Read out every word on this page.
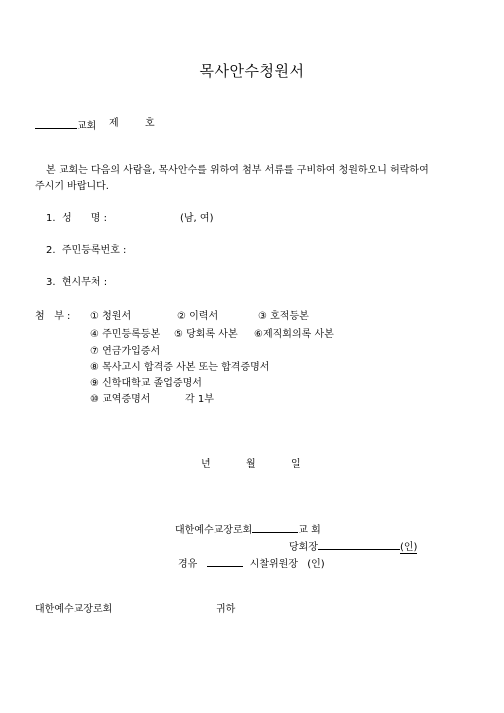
목사안수청원서
교회 제	호
본 교회는 다음의 사람을, 목사안수를 위하여 첨부 서류를 구비하여 청원하오니 허락하여
주시기 바랍니다.
1. 성      명 :	(남, 여)
2.  주민등록번호 :
3.  현시무처 :
첨   부 : ① 청원서	② 이력서	③ 호적등본
④ 주민등록등본 ⑤ 당회록 사본 ⑥제직회의록 사본
⑦ 연금가입증서
⑧ 목사고시 합격증 사본 또는 합격증명서
⑨ 신학대학교 졸업증명서
⑩ 교역증명서	각 1부
년	월	일
대한예수교장로회	교 회
당회장	(인)
경유	시찰위원장 (인)
대한예수교장로회	귀하
